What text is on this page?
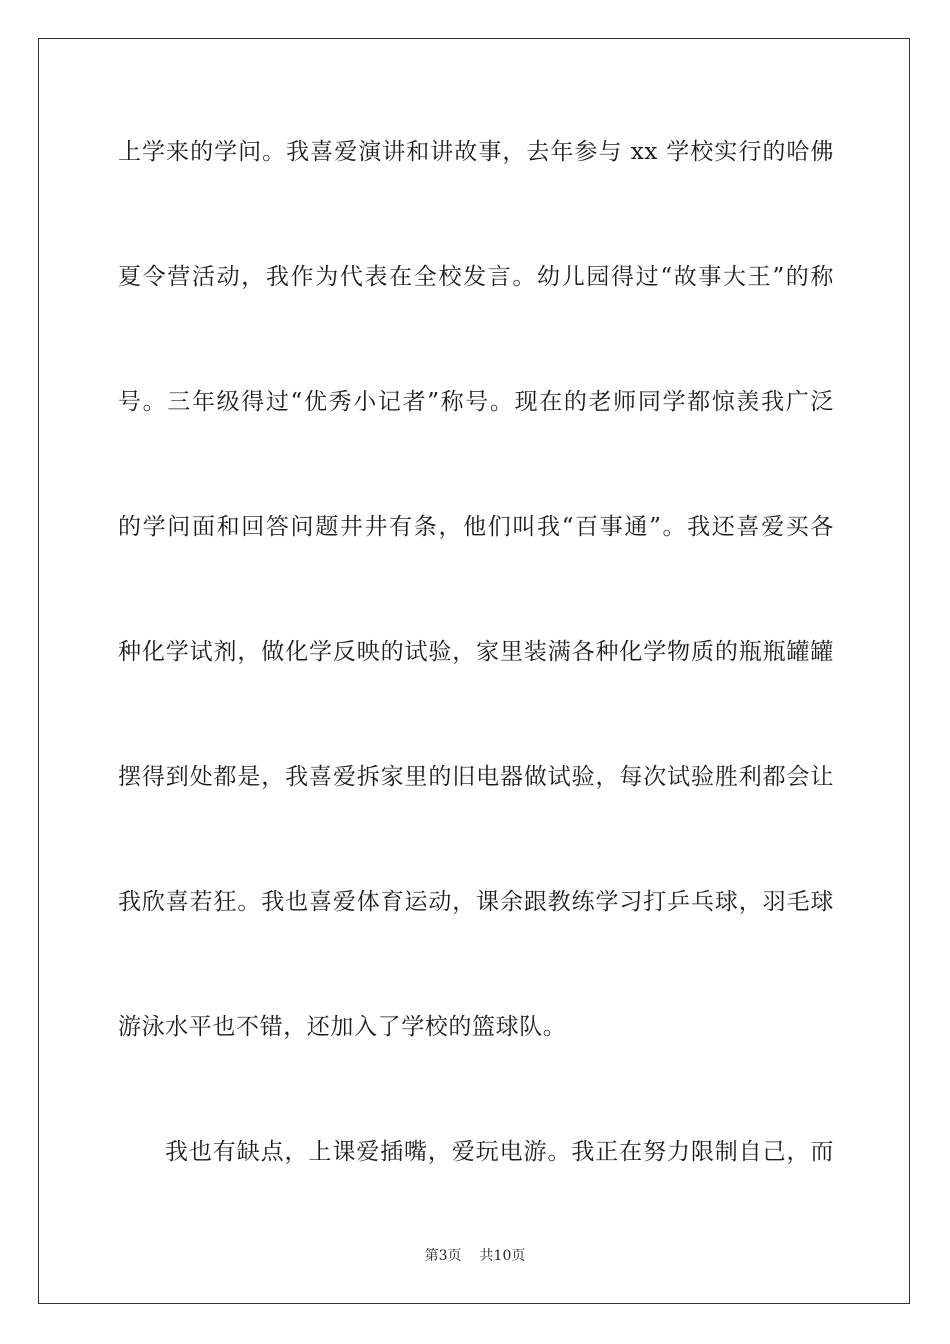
上学来的学问。我喜爱演讲和讲故事，去年参与 xx 学校实行的哈佛
夏令营活动，我作为代表在全校发言。幼儿园得过“故事大王”的称
号。三年级得过“优秀小记者”称号。现在的老师同学都惊羡我广泛
的学问面和回答问题井井有条，他们叫我“百事通”。我还喜爱买各
种化学试剂，做化学反映的试验，家里装满各种化学物质的瓶瓶罐罐
摆得到处都是，我喜爱拆家里的旧电器做试验，每次试验胜利都会让
我欣喜若狂。我也喜爱体育运动，课余跟教练学习打乒乓球，羽毛球
游泳水平也不错，还加入了学校的篮球队。
我也有缺点，上课爱插嘴，爱玩电游。我正在努力限制自己，而
第3页 共10页
